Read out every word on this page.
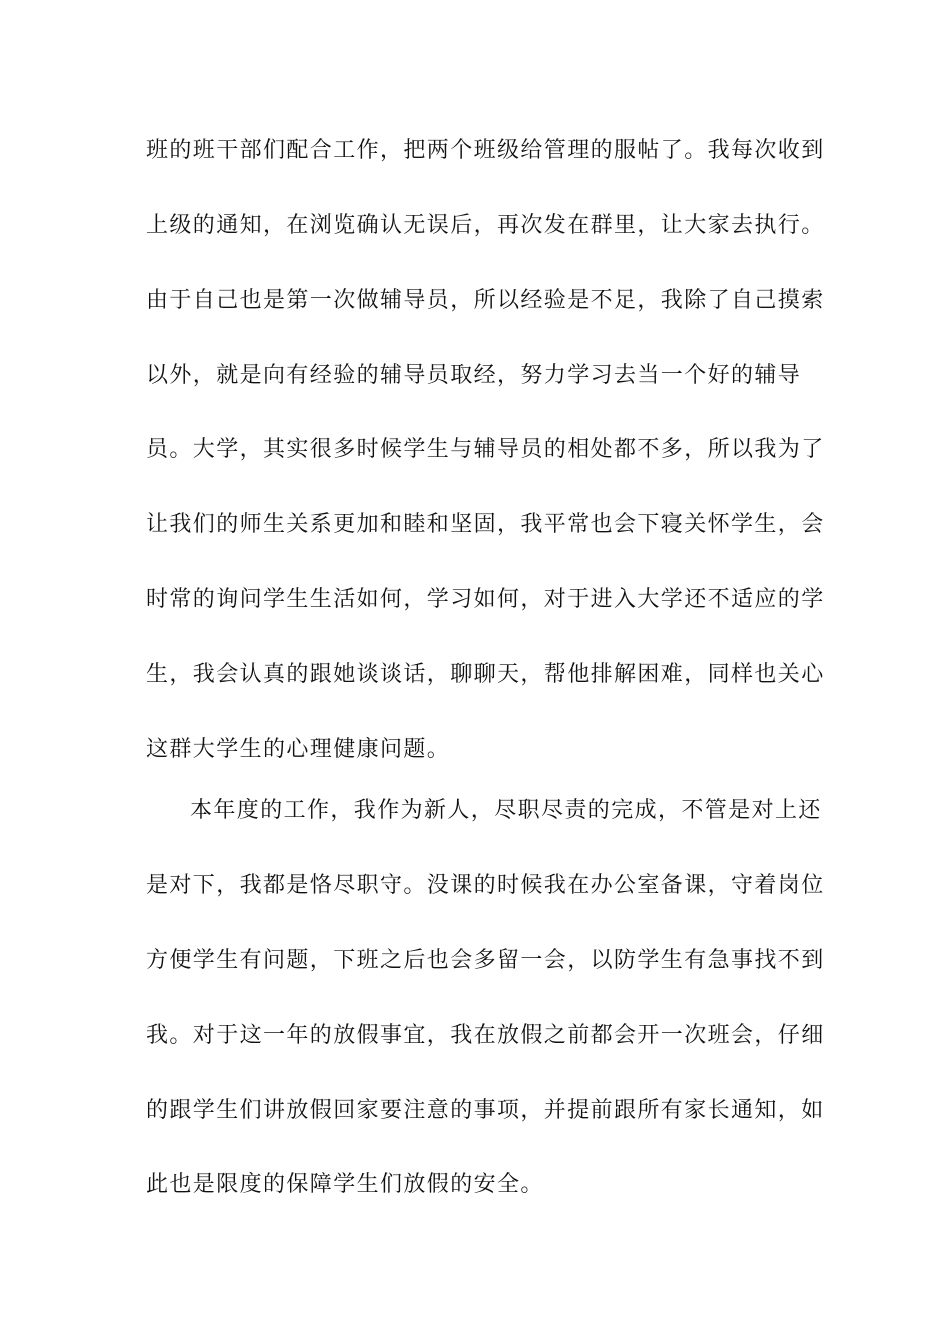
班的班干部们配合工作，把两个班级给管理的服帖了。我每次收到
上级的通知，在浏览确认无误后，再次发在群里，让大家去执行。
由于自己也是第一次做辅导员，所以经验是不足，我除了自己摸索
以外，就是向有经验的辅导员取经，努力学习去当一个好的辅导
员。大学，其实很多时候学生与辅导员的相处都不多，所以我为了
让我们的师生关系更加和睦和坚固，我平常也会下寝关怀学生，会
时常的询问学生生活如何，学习如何，对于进入大学还不适应的学
生，我会认真的跟她谈谈话，聊聊天，帮他排解困难，同样也关心
这群大学生的心理健康问题。
本年度的工作，我作为新人，尽职尽责的完成，不管是对上还
是对下，我都是恪尽职守。没课的时候我在办公室备课，守着岗位
方便学生有问题，下班之后也会多留一会，以防学生有急事找不到
我。对于这一年的放假事宜，我在放假之前都会开一次班会，仔细
的跟学生们讲放假回家要注意的事项，并提前跟所有家长通知，如
此也是限度的保障学生们放假的安全。
